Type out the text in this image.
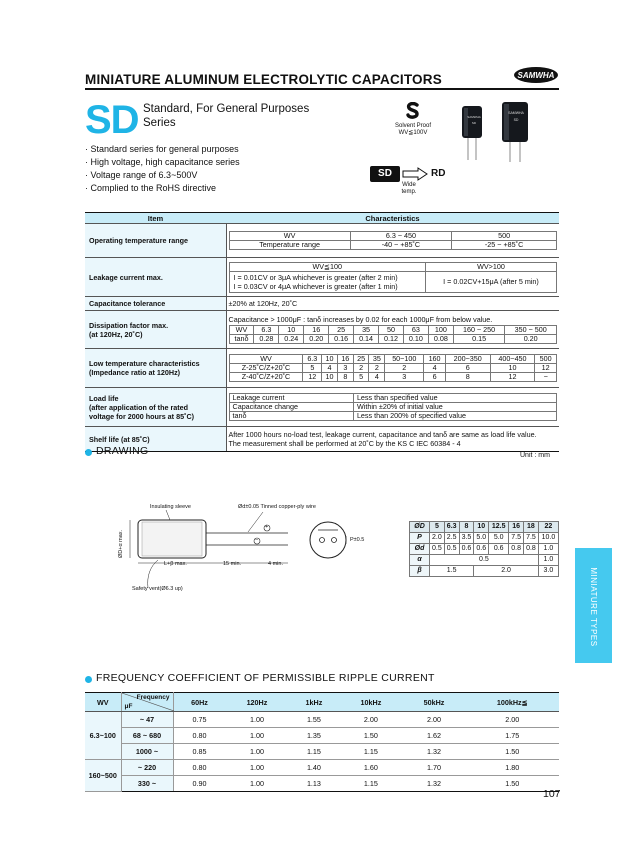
MINIATURE ALUMINUM ELECTROLYTIC CAPACITORS	SAMWHA
SD Standard, For General Purposes
Series	Solvent Proof
WV≦100V
SAMWHA
SD
SAMWHA
SD
· Standard series for general purposes
· High voltage, high capacitance series
· Voltage range of 6.3~500V
· Complied to the RoHS directive
SD	RD
Wide
temp.
Item	Characteristics
Operating temperature range	
WV	6.3 ~ 450	500
Temperature range	-40 ~ +85˚C	-25 ~ +85˚C

Leakage current max.	
WV≦100	WV>100

I = 0.01CV or 3μA whichever is greater (after 2 min)
I = 0.03CV or 4μA whichever is greater (after 1 min)
	I = 0.02CV+15μA (after 5 min)

Capacitance tolerance	±20% at 120Hz, 20˚C

Dissipation factor max.
(at 120Hz, 20˚C)

Capacitance > 1000μF : tanδ increases by 0.02 for each 1000μF from below value.
WV	6.3	10	16	25	35	50	63	100	160 ~ 250	350 ~ 500
tanδ	0.28	0.24	0.20	0.16	0.14	0.12	0.10	0.08	0.15	0.20

Low temperature characteristics
(Impedance ratio at 120Hz)

WV	6.3	10	16	25	35	50~100	160	200~350	400~450	500
Z-25˚C/Z+20˚C	5	4	3	2	2	2	4	6	10	12
Z-40˚C/Z+20˚C	12	10	8	5	4	3	6	8	12	−

Load life
(after application of the rated
voltage for 2000 hours at 85˚C)

Leakage current	Less than specified value
Capacitance change	Within ±20% of initial value
tanδ	Less than 200% of specified value

Shelf life (at 85˚C)	After 1000 hours no-load test, leakage current, capacitance and tanδ are same as load life value.
The measurement shall be performed at 20˚C by the KS C IEC 60384 - 4
DRAWING	Unit : mm
Insulating sleeve	Ød±0.05 Tinned copper-ply wire
ØD+α max.
L+β max.	15 min.	4 min.
P±0.5
Safety vent(Ø6.3 up)
+
−
ØD	5	6.3	8	10	12.5	16	18	22
P	2.0	2.5	3.5	5.0	5.0	7.5	7.5	10.0
Ød	0.5	0.5	0.6	0.6	0.6	0.8	0.8	1.0
α	0.5							1.0
β	1.5			2.0				3.0	MINIATURE TYPES
FREQUENCY COEFFICIENT OF PERMISSIBLE RIPPLE CURRENT
WV	Frequency
μF	60Hz	120Hz	1kHz	10kHz	50kHz	100kHz≦
6.3~100	~ 47	0.75	1.00	1.55	2.00	2.00	2.00
	68 ~ 680	0.80	1.00	1.35	1.50	1.62	1.75
	1000 ~	0.85	1.00	1.15	1.15	1.32	1.50
160~500	~ 220	0.80	1.00	1.40	1.60	1.70	1.80
	330 ~	0.90	1.00	1.13	1.15	1.32	1.50
107
